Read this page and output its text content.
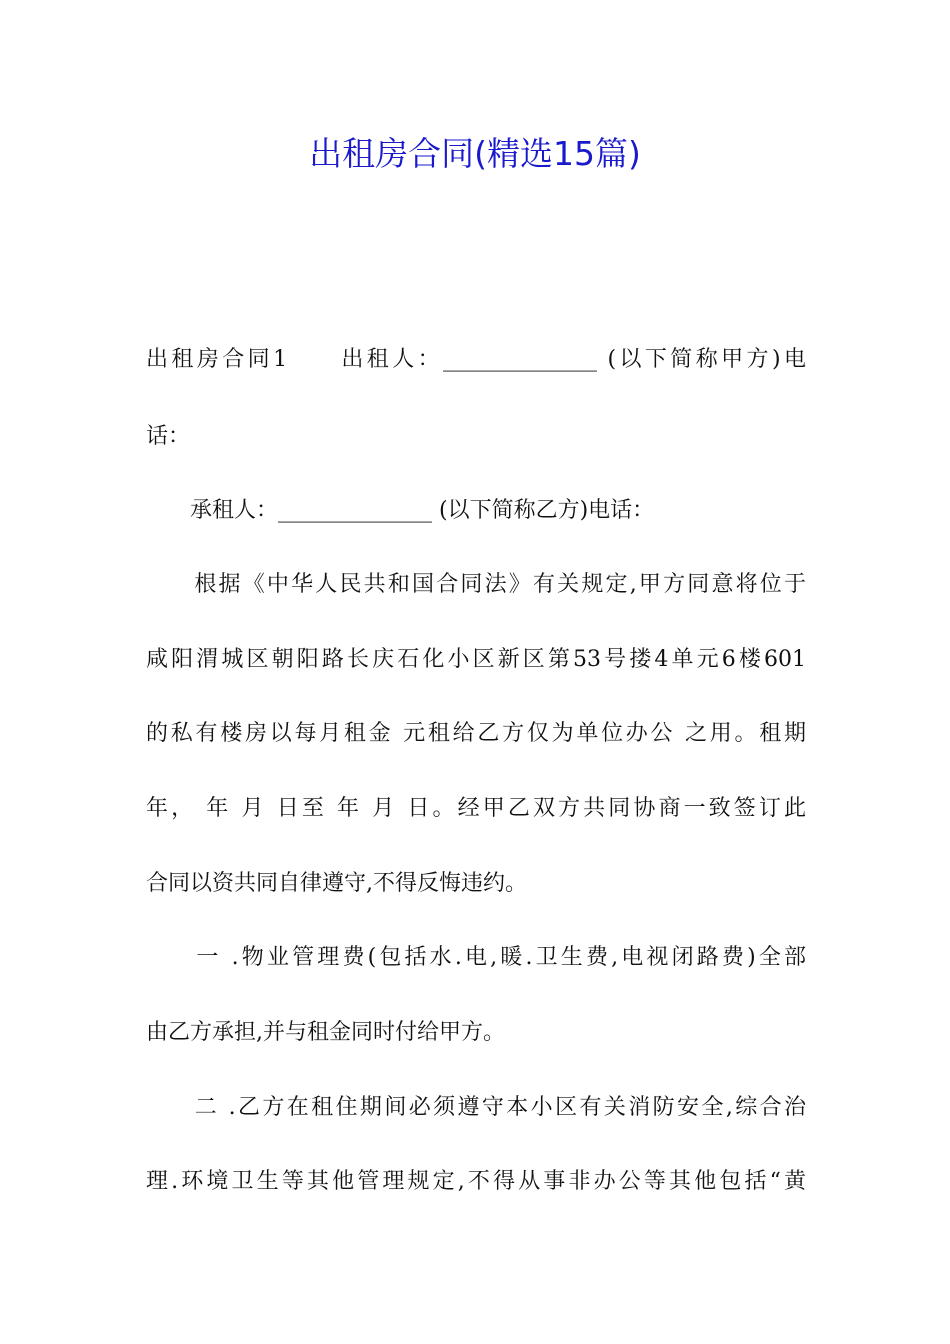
出租房合同(精选15篇)
出租房合同1　　出租人：______________ (以下简称甲方)电
话：
　　承租人：______________ (以下简称乙方)电话：
　　根据《中华人民共和国合同法》有关规定,甲方同意将位于
咸阳渭城区朝阳路长庆石化小区新区第53号搂4单元6楼601
的私有楼房以每月租金 元租给乙方仅为单位办公 之用。租期
年， 年 月 日至 年 月 日。经甲乙双方共同协商一致签订此
合同以资共同自律遵守,不得反悔违约。
　　一 .物业管理费(包括水.电,暖.卫生费,电视闭路费)全部
由乙方承担,并与租金同时付给甲方。
　　二 .乙方在租住期间必须遵守本小区有关消防安全,综合治
理.环境卫生等其他管理规定,不得从事非办公等其他包括“黄
